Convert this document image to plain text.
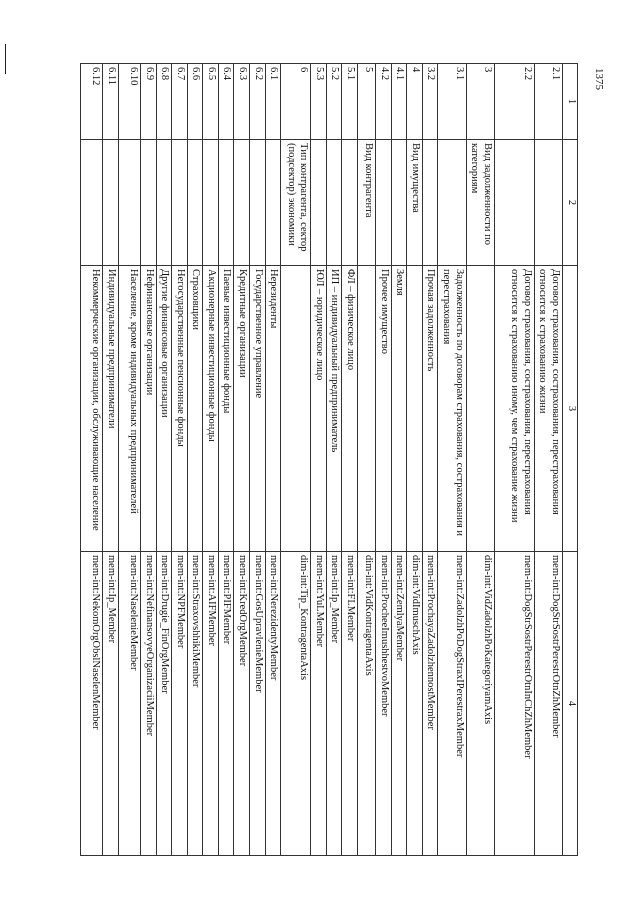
1375
1	2	3	4
2.1		Договор страхования, сострахования, перестрахования относится к страхованию жизни	mem-int:DogStrSostrPerestrOtnZhMember
2.2		Договор страхования, сострахования, перестрахования относится к страхованию иному, чем страхование жизни	mem-int:DogStrSostrPerestrOtnInChZhMember
3	Вид задолженности по категориям		dim-int:VidZadolzhPoKategoriyamAxis
3.1		Задолженность по договорам страхования, сострахования и перестрахования	mem-int:ZadolzhPoDogStraxIPerestraxMember
3.2		Прочая задолженность	mem-int:ProchayaZadolzhennostMember
4	Вид имущества		dim-int:VidImuschAxis
4.1		Земля	mem-int:ZemlyaMember
4.2		Прочее имущество	mem-int:ProcheeImushhestvoMember
5	Вид контрагента		dim-int:VidKontragentaAxis
5.1		ФЛ – физическое лицо	mem-int:FLMember
5.2		ИП – индивидуальный предприниматель	mem-int:Ip_Member
5.3		ЮЛ – юридическое лицо	mem-int:YuLMember
6	Тип контрагента, сектор (подсектор) экономики		dim-int:Tip_KontragentaAxis
6.1		Нерезиденты	mem-int:NerezidentyMember
6.2		Государственное управление	mem-int:GosUpravlenieMember
6.3		Кредитные организации	mem-int:KredOrgMember
6.4		Паевые инвестиционные фонды	mem-int:PIFMember
6.5		Акционерные инвестиционные фонды	mem-int:AIFMember
6.6		Страховщики	mem-int:StraxovshhikiMember
6.7		Негосударственные пенсионные фонды	mem-int:NPFMember
6.8		Другие финансовые организации	mem-int:Drugie_FinOrgMember
6.9		Нефинансовые организации	mem-int:NefinansovyeOrganizaciiMember
6.10		Население, кроме индивидуальных предпринимателей	mem-int:NaselenieMember
6.11		Индивидуальные предприниматели	mem-int:Ip_Member
6.12		Некоммерческие организации, обслуживающие население	mem-int:NekomOrgObslNaselenMember
